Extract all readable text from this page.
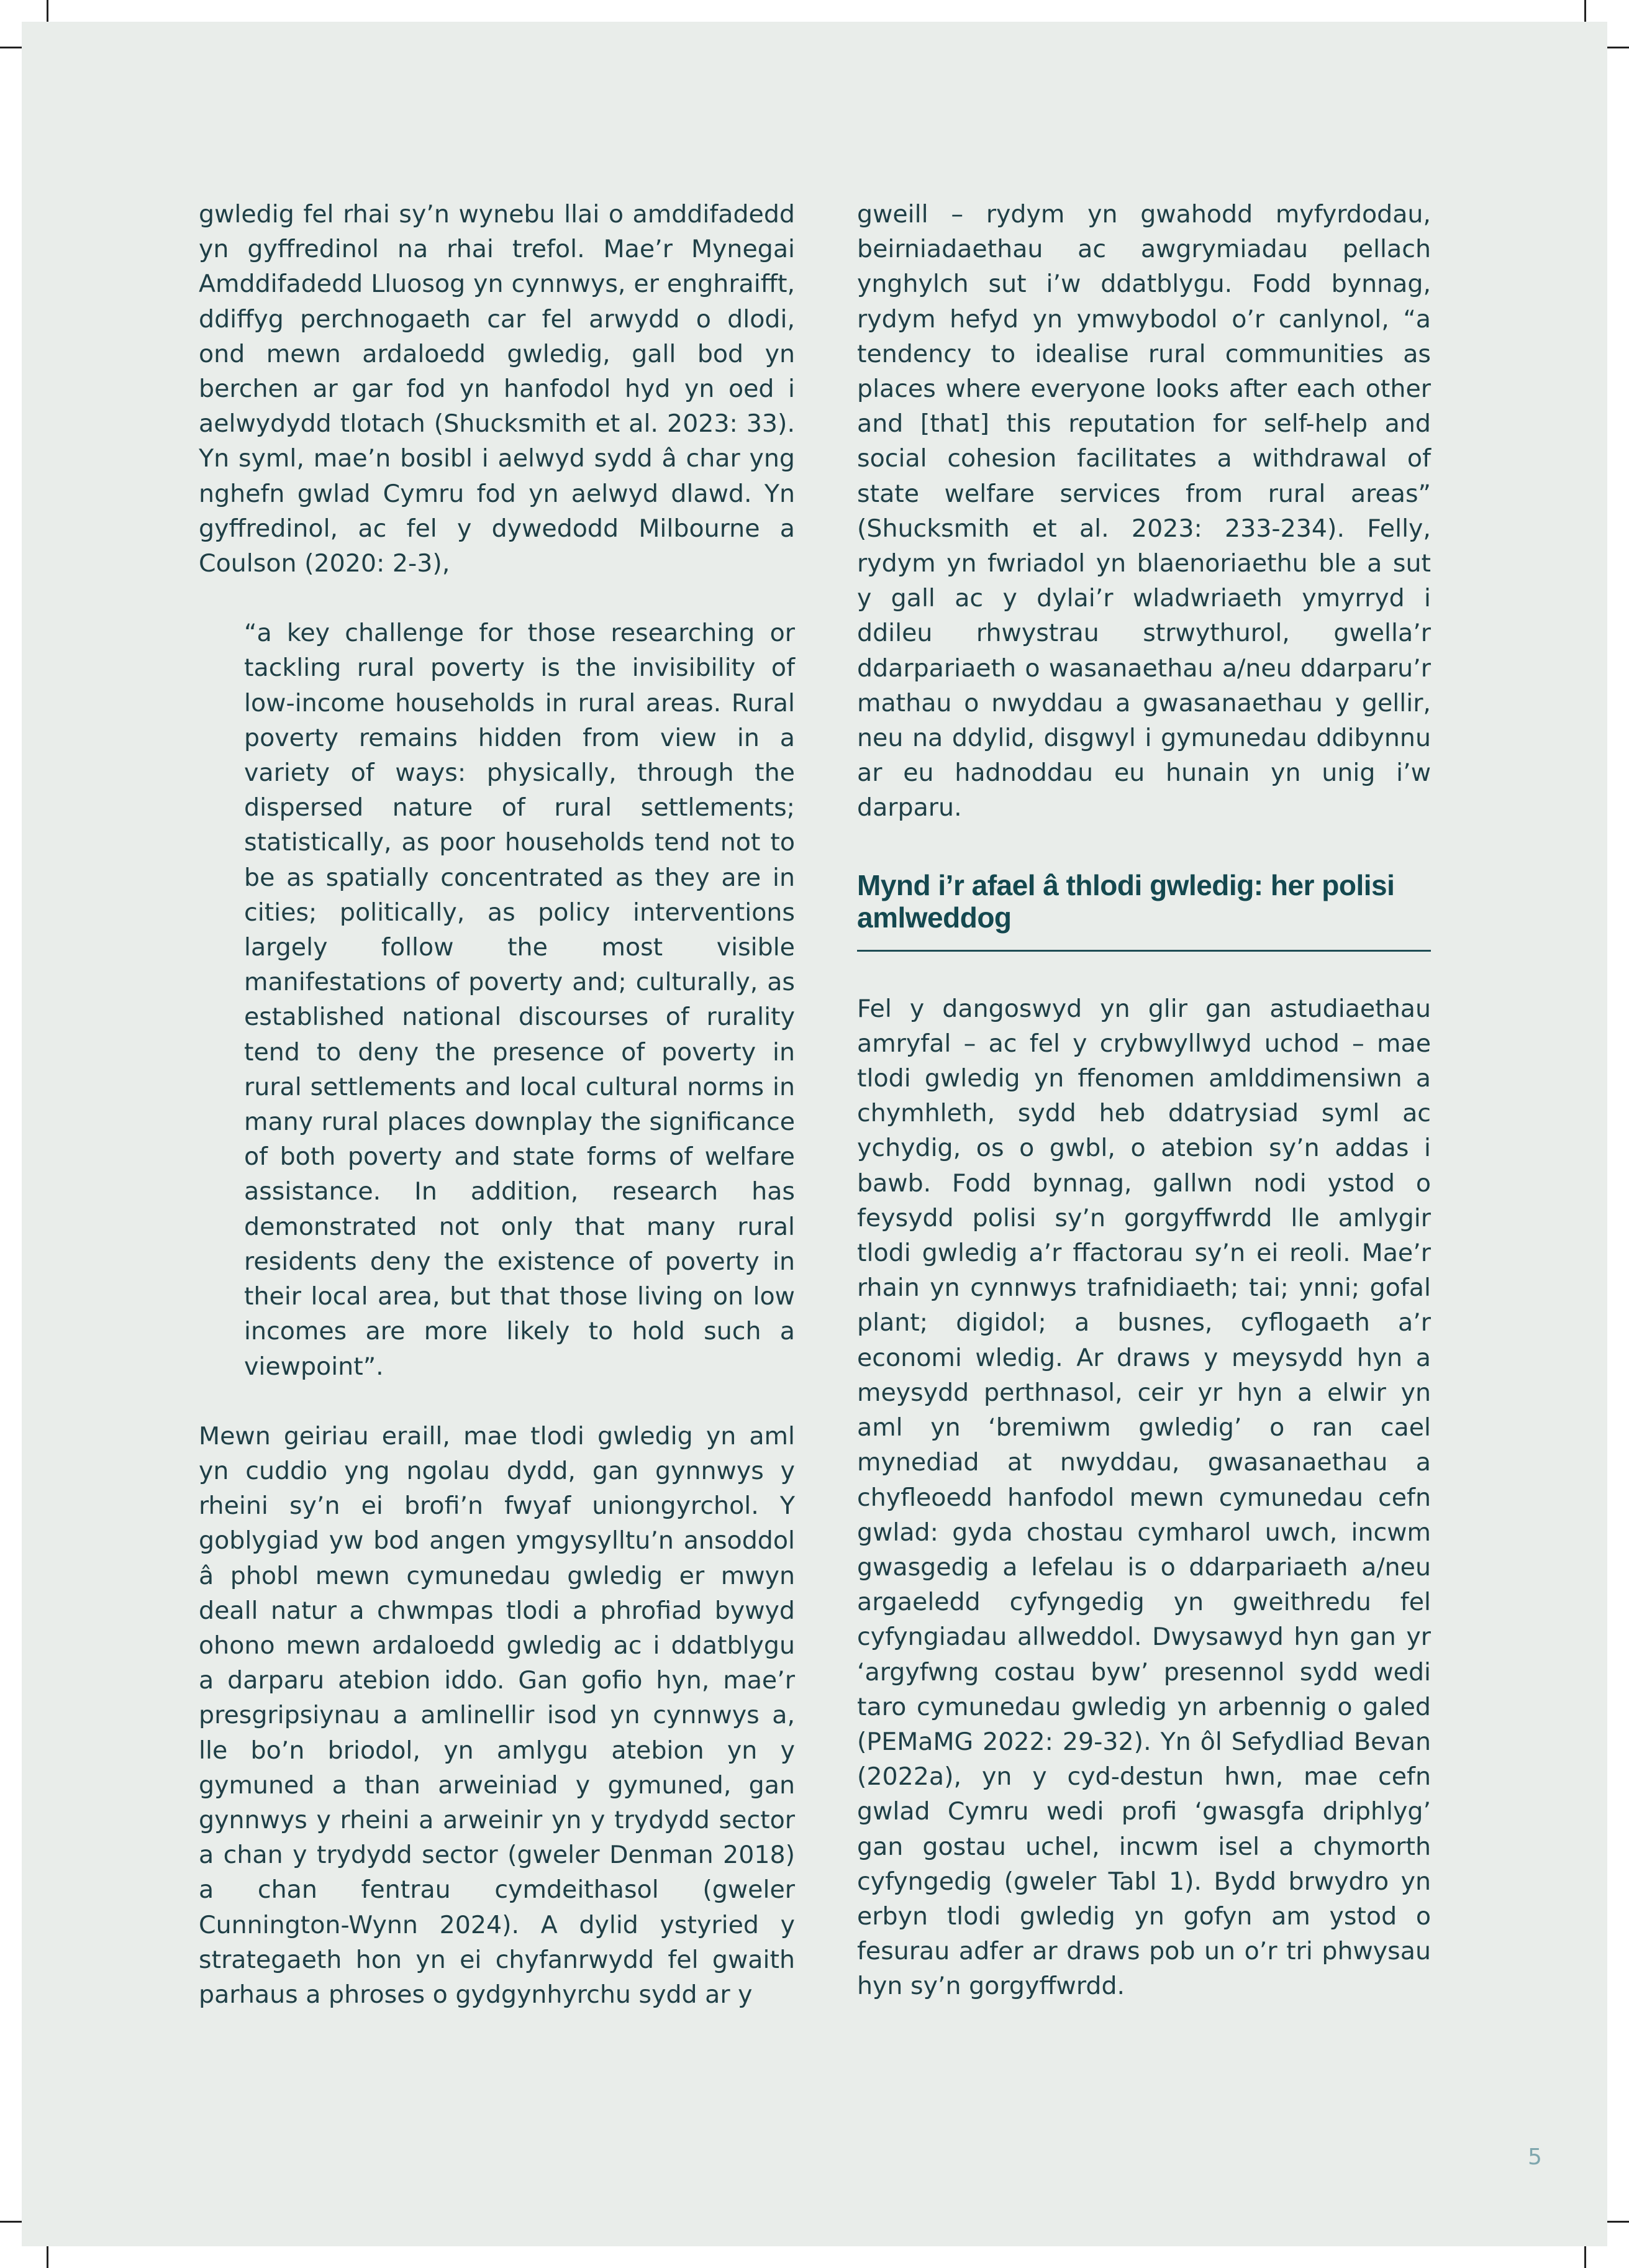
gwledig fel rhai sy’n wynebu llai o amddifadedd yn gyffredinol na rhai trefol. Mae’r Mynegai Amddifadedd Lluosog yn cynnwys, er enghraifft, ddiffyg perchnogaeth car fel arwydd o dlodi, ond mewn ardaloedd gwledig, gall bod yn berchen ar gar fod yn hanfodol hyd yn oed i aelwydydd tlotach (Shucksmith et al. 2023: 33). Yn syml, mae’n bosibl i aelwyd sydd â char yng nghefn gwlad Cymru fod yn aelwyd dlawd. Yn gyffredinol, ac fel y dywedodd Milbourne a Coulson (2020: 2-3),

“a key challenge for those researching or tackling rural poverty is the invisibility of low-income households in rural areas. Rural poverty remains hidden from view in a variety of ways: physically, through the dispersed nature of rural settlements; statistically, as poor households tend not to be as spatially concentrated as they are in cities; politically, as policy interventions largely follow the most visible manifestations of poverty and; culturally, as established national discourses of rurality tend to deny the presence of poverty in rural settlements and local cultural norms in many rural places downplay the significance of both poverty and state forms of welfare assistance. In addition, research has demonstrated not only that many rural residents deny the existence of poverty in their local area, but that those living on low incomes are more likely to hold such a viewpoint”.

Mewn geiriau eraill, mae tlodi gwledig yn aml yn cuddio yng ngolau dydd, gan gynnwys y rheini sy’n ei brofi’n fwyaf uniongyrchol. Y goblygiad yw bod angen ymgysylltu’n ansoddol â phobl mewn cymunedau gwledig er mwyn deall natur a chwmpas tlodi a phrofiad bywyd ohono mewn ardaloedd gwledig ac i ddatblygu a darparu atebion iddo. Gan gofio hyn, mae’r presgripsiynau a amlinellir isod yn cynnwys a, lle bo’n briodol, yn amlygu atebion yn y gymuned a than arweiniad y gymuned, gan gynnwys y rheini a arweinir yn y trydydd sector a chan y trydydd sector (gweler Denman 2018) a chan fentrau cymdeithasol (gweler Cunnington-Wynn 2024). A dylid ystyried y strategaeth hon yn ei chyfanrwydd fel gwaith parhaus a phroses o gydgynhyrchu sydd ar y

gweill – rydym yn gwahodd myfyrdodau, beirniadaethau ac awgrymiadau pellach ynghylch sut i’w ddatblygu. Fodd bynnag, rydym hefyd yn ymwybodol o’r canlynol, “a tendency to idealise rural communities as places where everyone looks after each other and [that] this reputation for self-help and social cohesion facilitates a withdrawal of state welfare services from rural areas” (Shucksmith et al. 2023: 233-234). Felly, rydym yn fwriadol yn blaenoriaethu ble a sut y gall ac y dylai’r wladwriaeth ymyrryd i ddileu rhwystrau strwythurol, gwella’r ddarpariaeth o wasanaethau a/neu ddarparu’r mathau o nwyddau a gwasanaethau y gellir, neu na ddylid, disgwyl i gymunedau ddibynnu ar eu hadnoddau eu hunain yn unig i’w darparu.

Mynd i’r afael â thlodi gwledig: her polisi amlweddog

Fel y dangoswyd yn glir gan astudiaethau amryfal – ac fel y crybwyllwyd uchod – mae tlodi gwledig yn ffenomen amlddimensiwn a chymhleth, sydd heb ddatrysiad syml ac ychydig, os o gwbl, o atebion sy’n addas i bawb. Fodd bynnag, gallwn nodi ystod o feysydd polisi sy’n gorgyffwrdd lle amlygir tlodi gwledig a’r ffactorau sy’n ei reoli. Mae’r rhain yn cynnwys trafnidiaeth; tai; ynni; gofal plant; digidol; a busnes, cyflogaeth a’r economi wledig. Ar draws y meysydd hyn a meysydd perthnasol, ceir yr hyn a elwir yn aml yn ‘bremiwm gwledig’ o ran cael mynediad at nwyddau, gwasanaethau a chyfleoedd hanfodol mewn cymunedau cefn gwlad: gyda chostau cymharol uwch, incwm gwasgedig a lefelau is o ddarpariaeth a/neu argaeledd cyfyngedig yn gweithredu fel cyfyngiadau allweddol. Dwysawyd hyn gan yr ‘argyfwng costau byw’ presennol sydd wedi taro cymunedau gwledig yn arbennig o galed (PEMaMG 2022: 29-32). Yn ôl Sefydliad Bevan (2022a), yn y cyd-destun hwn, mae cefn gwlad Cymru wedi profi ‘gwasgfa driphlyg’ gan gostau uchel, incwm isel a chymorth cyfyngedig (gweler Tabl 1). Bydd brwydro yn erbyn tlodi gwledig yn gofyn am ystod o fesurau adfer ar draws pob un o’r tri phwysau hyn sy’n gorgyffwrdd.

5
